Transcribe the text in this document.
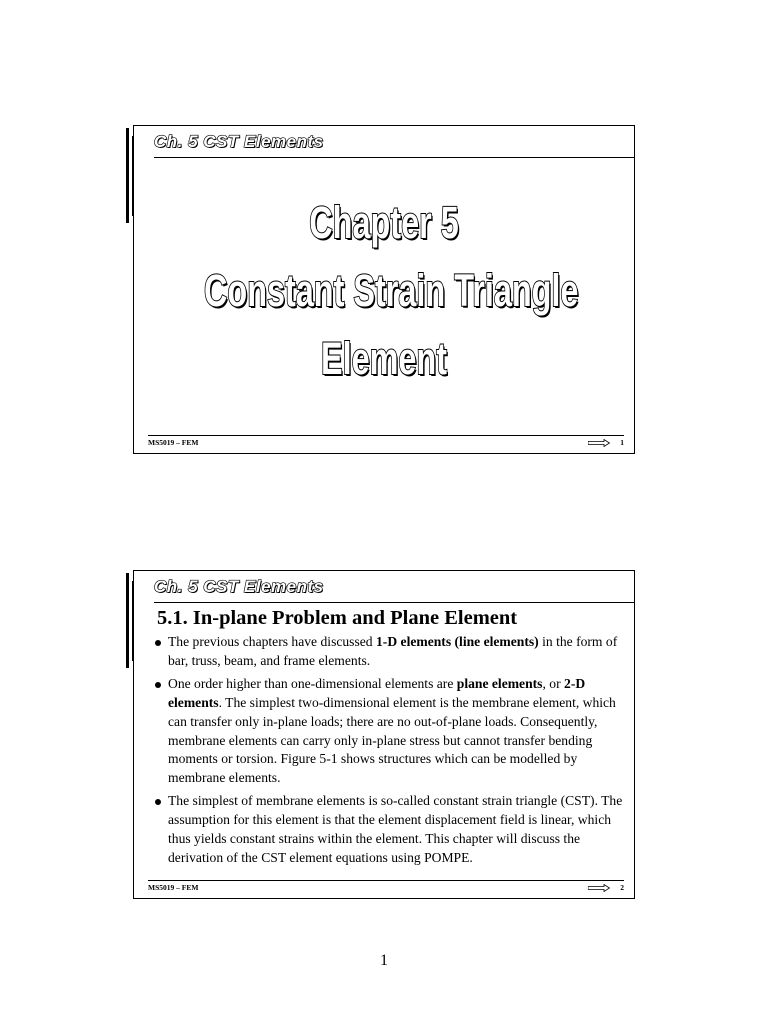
Ch. 5 CST Elements
Chapter 5
Constant Strain Triangle
Element
MS5019 – FEM	1
Ch. 5 CST Elements
5.1. In-plane Problem and Plane Element
The previous chapters have discussed 1-D elements (line elements) in the form of bar, truss, beam, and frame elements.
One order higher than one-dimensional elements are plane elements, or 2-D elements. The simplest two-dimensional element is the membrane element, which can transfer only in-plane loads; there are no out-of-plane loads. Consequently, membrane elements can carry only in-plane stress but cannot transfer bending moments or torsion. Figure 5-1 shows structures which can be modelled by membrane elements.
The simplest of membrane elements is so-called constant strain triangle (CST). The assumption for this element is that the element displacement field is linear, which thus yields constant strains within the element. This chapter will discuss the derivation of the CST element equations using POMPE.
MS5019 – FEM	2
1
